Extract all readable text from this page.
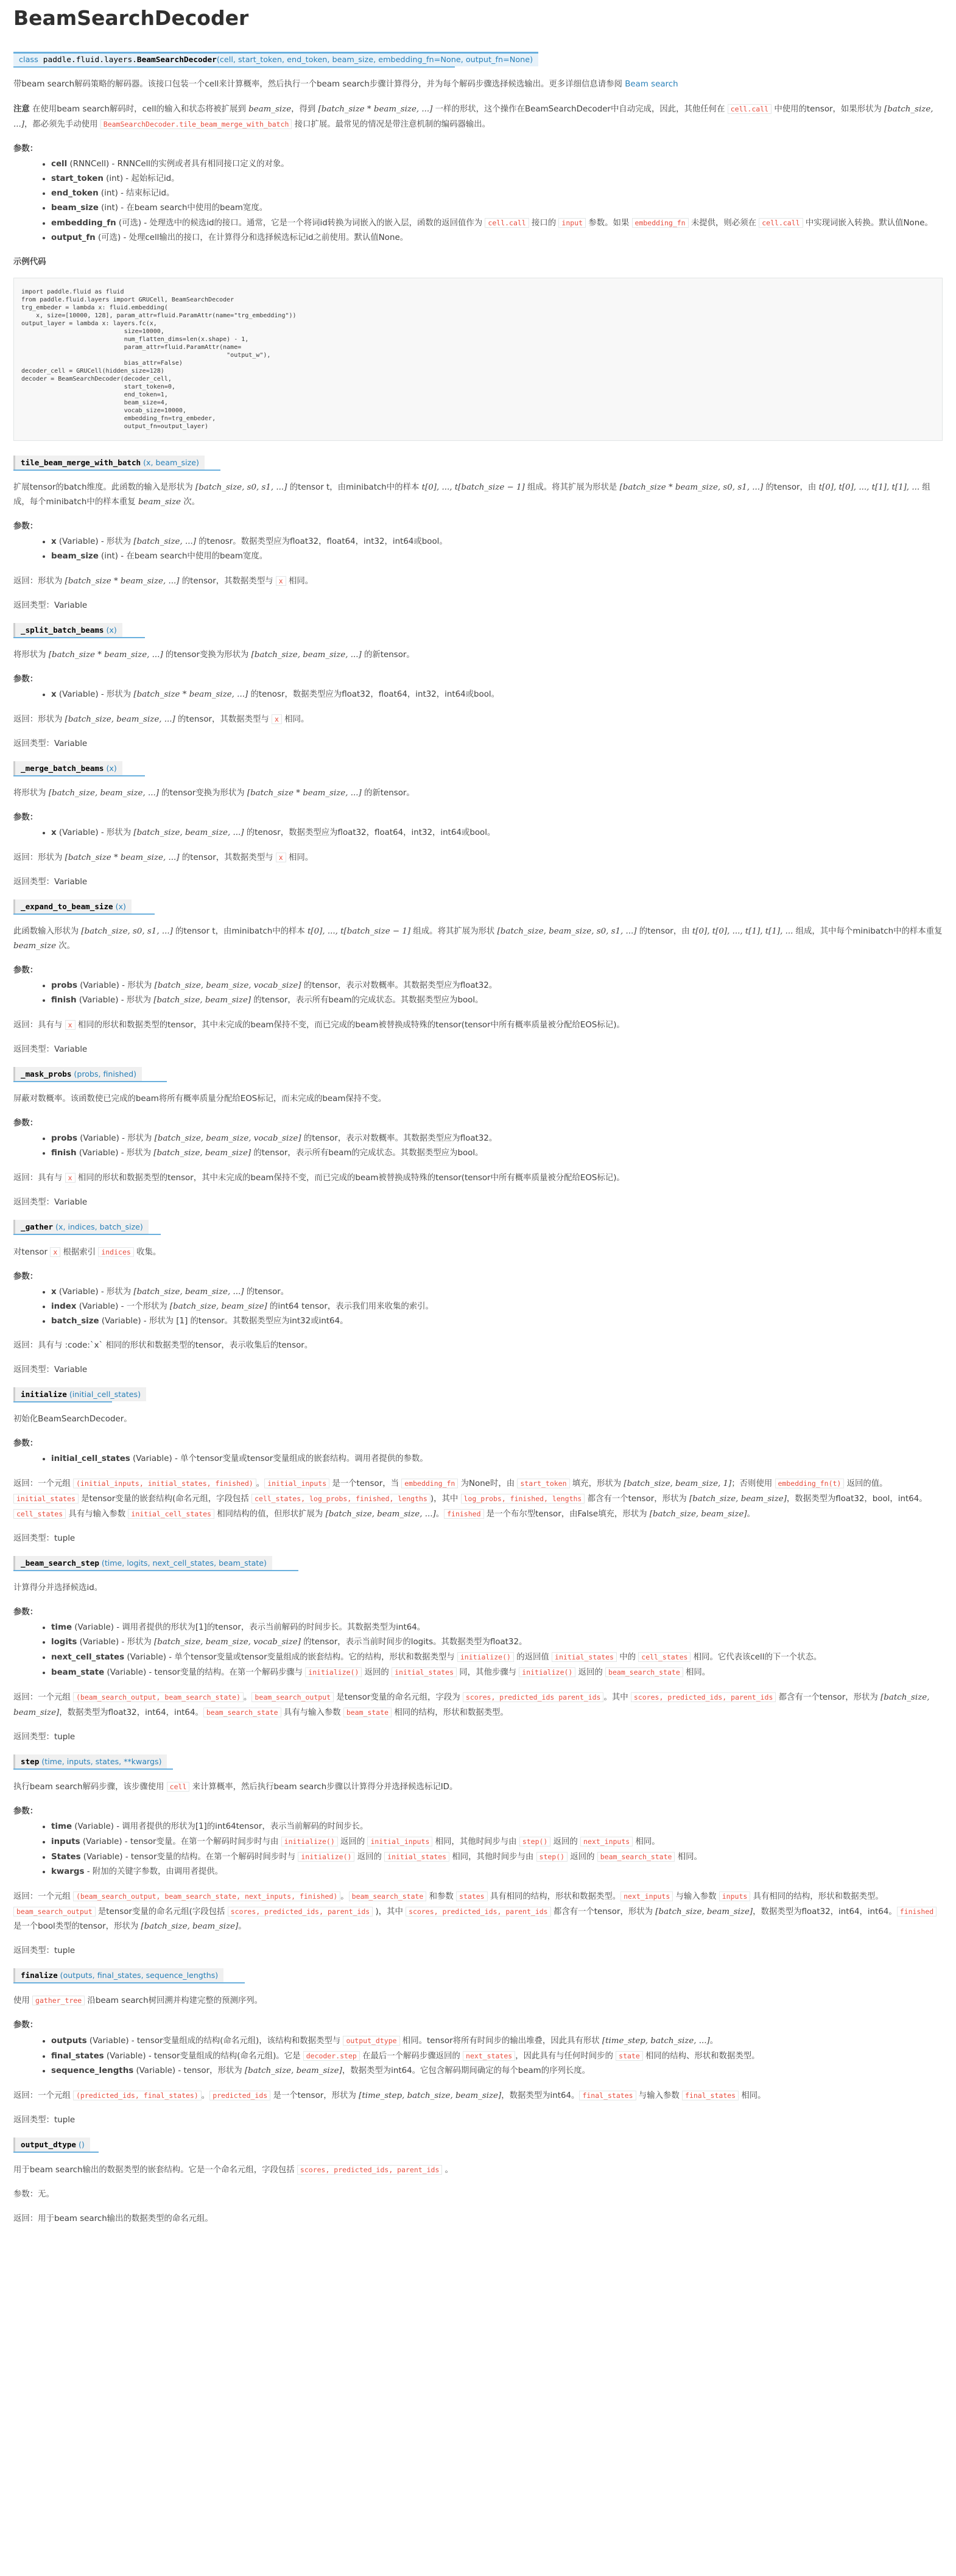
BeamSearchDecoder
class paddle.fluid.layers.BeamSearchDecoder(cell, start_token, end_token, beam_size, embedding_fn=None, output_fn=None)

带beam search解码策略的解码器。该接口包装一个cell来计算概率，然后执行一个beam search步骤计算得分，并为每个解码步骤选择候选输出。更多详细信息请参阅 Beam search

注意 在使用beam search解码时，cell的输入和状态将被扩展到 beam_size，得到 [batch_size * beam_size, ...] 一样的形状，这个操作在BeamSearchDecoder中自动完成，因此，其他任何在 cell.call 中使用的tensor，如果形状为 [batch_size, ...]，都必须先手动使用 BeamSearchDecoder.tile_beam_merge_with_batch 接口扩展。最常见的情况是带注意机制的编码器输出。

参数：
• cell (RNNCell) - RNNCell的实例或者具有相同接口定义的对象。
• start_token (int) - 起始标记id。
• end_token (int) - 结束标记id。
• beam_size (int) - 在beam search中使用的beam宽度。
• embedding_fn (可选) - 处理选中的候选id的接口。通常，它是一个将词id转换为词嵌入的嵌入层，函数的返回值作为 cell.call 接口的 input 参数。如果 embedding_fn 未提供，则必须在 cell.call 中实现词嵌入转换。默认值None。
• output_fn (可选) - 处理cell输出的接口，在计算得分和选择候选标记id之前使用。默认值None。
示例代码
import paddle.fluid as fluid
from paddle.fluid.layers import GRUCell, BeamSearchDecoder
trg_embeder = lambda x: fluid.embedding(
x, size=[10000, 128], param_attr=fluid.ParamAttr(name="trg_embedding"))
output_layer = lambda x: layers.fc(x,
size=10000,
num_flatten_dims=len(x.shape) - 1,
param_attr=fluid.ParamAttr(name=
"output_w"),
bias_attr=False)
decoder_cell = GRUCell(hidden_size=128)
decoder = BeamSearchDecoder(decoder_cell,
start_token=0,
end_token=1,
beam_size=4,
vocab_size=10000,
embedding_fn=trg_embeder,
output_fn=output_layer)
tile_beam_merge_with_batch (x, beam_size)

扩展tensor的batch维度。此函数的输入是形状为 [batch_size, s0, s1, ...] 的tensor t，由minibatch中的样本 t[0], ..., t[batch_size − 1] 组成。将其扩展为形状是 [batch_size * beam_size, s0, s1, ...] 的tensor，由 t[0], t[0], ..., t[1], t[1], ... 组成，每个minibatch中的样本重复 beam_size 次。

参数：
• x (Variable) - 形状为 [batch_size, ...] 的tenosr。数据类型应为float32，float64，int32，int64或bool。
• beam_size (int) - 在beam search中使用的beam宽度。

返回：形状为 [batch_size * beam_size, ...] 的tensor，其数据类型与 x 相同。

返回类型：Variable

_split_batch_beams (x)

将形状为 [batch_size * beam_size, ...] 的tensor变换为形状为 [batch_size, beam_size, ...] 的新tensor。

参数：
• x (Variable) - 形状为 [batch_size * beam_size, ...] 的tenosr，数据类型应为float32，float64，int32，int64或bool。

返回：形状为 [batch_size, beam_size, ...] 的tensor，其数据类型与 x 相同。

返回类型：Variable

_merge_batch_beams (x)

将形状为 [batch_size, beam_size, ...] 的tensor变换为形状为 [batch_size * beam_size, ...] 的新tensor。

参数：
• x (Variable) - 形状为 [batch_size, beam_size, ...] 的tenosr，数据类型应为float32，float64，int32，int64或bool。

返回：形状为 [batch_size * beam_size, ...] 的tensor，其数据类型与 x 相同。

返回类型：Variable

_expand_to_beam_size (x)

此函数输入形状为 [batch_size, s0, s1, ...] 的tensor t，由minibatch中的样本 t[0], ..., t[batch_size − 1] 组成。将其扩展为形状 [batch_size, beam_size, s0, s1, ...] 的tensor，由 t[0], t[0], ..., t[1], t[1], ... 组成，其中每个minibatch中的样本重复 beam_size 次。

参数：
• probs (Variable) - 形状为 [batch_size, beam_size, vocab_size] 的tensor，表示对数概率。其数据类型应为float32。
• finish (Variable) - 形状为 [batch_size, beam_size] 的tensor，表示所有beam的完成状态。其数据类型应为bool。

返回：具有与 x 相同的形状和数据类型的tensor，其中未完成的beam保持不变，而已完成的beam被替换成特殊的tensor(tensor中所有概率质量被分配给EOS标记)。

返回类型：Variable

_mask_probs (probs, finished)

屏蔽对数概率。该函数使已完成的beam将所有概率质量分配给EOS标记，而未完成的beam保持不变。

参数：
• probs (Variable) - 形状为 [batch_size, beam_size, vocab_size] 的tensor，表示对数概率。其数据类型应为float32。
• finish (Variable) - 形状为 [batch_size, beam_size] 的tensor，表示所有beam的完成状态。其数据类型应为bool。

返回：具有与 x 相同的形状和数据类型的tensor，其中未完成的beam保持不变，而已完成的beam被替换成特殊的tensor(tensor中所有概率质量被分配给EOS标记)。

返回类型：Variable

_gather (x, indices, batch_size)

对tensor x 根据索引 indices 收集。

参数：
• x (Variable) - 形状为 [batch_size, beam_size, ...] 的tensor。
• index (Variable) - 一个形状为 [batch_size, beam_size] 的int64 tensor，表示我们用来收集的索引。
• batch_size (Variable) - 形状为 [1] 的tensor。其数据类型应为int32或int64。

返回：具有与 :code:`x` 相同的形状和数据类型的tensor，表示收集后的tensor。

返回类型：Variable

initialize (initial_cell_states)

初始化BeamSearchDecoder。

参数：
• initial_cell_states (Variable) - 单个tensor变量或tensor变量组成的嵌套结构。调用者提供的参数。

返回：一个元组 (initial_inputs, initial_states, finished) 。 initial_inputs 是一个tensor，当 embedding_fn 为None时，由 start_token 填充，形状为 [batch_size, beam_size, 1]；否则使用 embedding_fn(t) 返回的值。initial_states 是tensor变量的嵌套结构(命名元组，字段包括 cell_states, log_probs, finished, lengths )，其中 log_probs, finished, lengths 都含有一个tensor，形状为 [batch_size, beam_size]，数据类型为float32，bool，int64。cell_states 具有与输入参数 initial_cell_states 相同结构的值，但形状扩展为 [batch_size, beam_size, ...]。 finished 是一个布尔型tensor，由False填充，形状为 [batch_size, beam_size]。

返回类型：tuple

_beam_search_step (time, logits, next_cell_states, beam_state)

计算得分并选择候选id。

参数：
• time (Variable) - 调用者提供的形状为[1]的tensor，表示当前解码的时间步长。其数据类型为int64。
• logits (Variable) - 形状为 [batch_size, beam_size, vocab_size] 的tensor，表示当前时间步的logits。其数据类型为float32。
• next_cell_states (Variable) - 单个tensor变量或tensor变量组成的嵌套结构。它的结构，形状和数据类型与 initialize() 的返回值 initial_states 中的 cell_states 相同。它代表该cell的下一个状态。
• beam_state (Variable) - tensor变量的结构。在第一个解码步骤与 initialize() 返回的 initial_states 同，其他步骤与 initialize() 返回的 beam_search_state 相同。

返回：一个元组 (beam_search_output, beam_search_state) 。 beam_search_output 是tensor变量的命名元组，字段为 scores, predicted_ids parent_ids 。其中 scores, predicted_ids, parent_ids 都含有一个tensor，形状为 [batch_size, beam_size]，数据类型为float32，int64，int64。 beam_search_state 具有与输入参数 beam_state 相同的结构，形状和数据类型。

返回类型：tuple

step (time, inputs, states, **kwargs)

执行beam search解码步骤，该步骤使用 cell 来计算概率，然后执行beam search步骤以计算得分并选择候选标记ID。

参数：
• time (Variable) - 调用者提供的形状为[1]的int64tensor，表示当前解码的时间步长。
• inputs (Variable) - tensor变量。在第一个解码时间步时与由 initialize() 返回的 initial_inputs 相同，其他时间步与由 step() 返回的 next_inputs 相同。
• States (Variable) - tensor变量的结构。在第一个解码时间步时与 initialize() 返回的 initial_states 相同，其他时间步与由 step() 返回的 beam_search_state 相同。
• kwargs - 附加的关键字参数，由调用者提供。

返回：一个元组 (beam_search_output, beam_search_state, next_inputs, finished) 。 beam_search_state 和参数 states 具有相同的结构，形状和数据类型。 next_inputs 与输入参数 inputs 具有相同的结构，形状和数据类型。beam_search_output 是tensor变量的命名元组(字段包括 scores, predicted_ids, parent_ids )，其中 scores, predicted_ids, parent_ids 都含有一个tensor，形状为 [batch_size, beam_size]，数据类型为float32，int64，int64。 finished 是一个bool类型的tensor，形状为 [batch_size, beam_size]。

返回类型：tuple

finalize (outputs, final_states, sequence_lengths)

使用 gather_tree 沿beam search树回溯并构建完整的预测序列。

参数：
• outputs (Variable) - tensor变量组成的结构(命名元组)，该结构和数据类型与 output_dtype 相同。tensor将所有时间步的输出堆叠，因此具有形状 [time_step, batch_size, ...]。
• final_states (Variable) - tensor变量组成的结构(命名元组)。它是 decoder.step 在最后一个解码步骤返回的 next_states ，因此具有与任何时间步的 state 相同的结构、形状和数据类型。
• sequence_lengths (Variable) - tensor，形状为 [batch_size, beam_size]，数据类型为int64。它包含解码期间确定的每个beam的序列长度。

返回：一个元组 (predicted_ids, final_states) 。 predicted_ids 是一个tensor，形状为 [time_step, batch_size, beam_size]，数据类型为int64。 final_states 与输入参数 final_states 相同。

返回类型：tuple

output_dtype ()

用于beam search输出的数据类型的嵌套结构。它是一个命名元组，字段包括 scores, predicted_ids, parent_ids 。

参数：无。

返回：用于beam search输出的数据类型的命名元组。
